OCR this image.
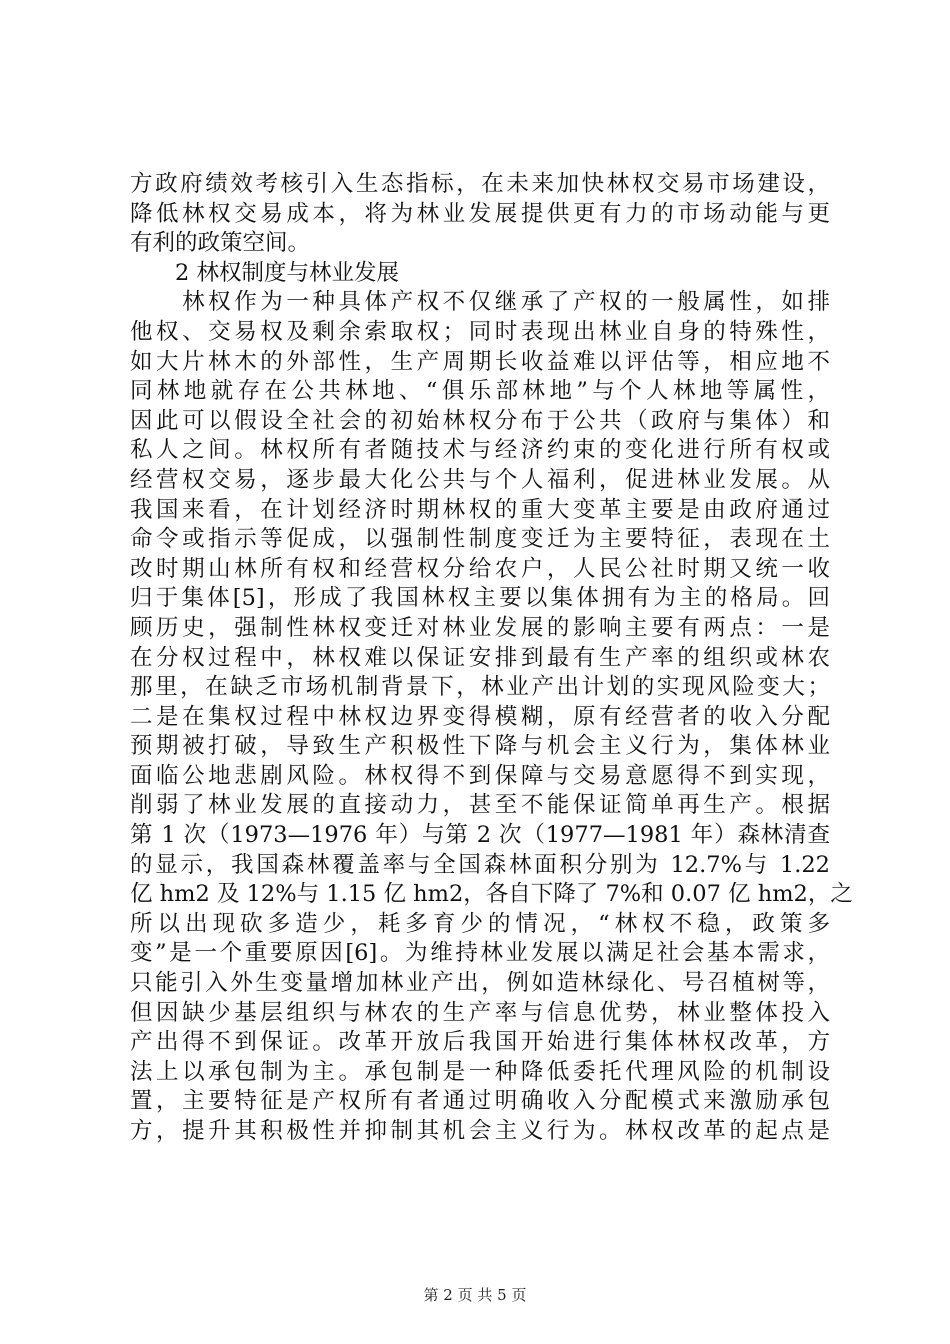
方政府绩效考核引入生态指标，在未来加快林权交易市场建设，
降低林权交易成本，将为林业发展提供更有力的市场动能与更
有利的政策空间。
　　2 林权制度与林业发展
　　林权作为一种具体产权不仅继承了产权的一般属性，如排
他权、交易权及剩余索取权；同时表现出林业自身的特殊性，
如大片林木的外部性，生产周期长收益难以评估等，相应地不
同林地就存在公共林地、“俱乐部林地”与个人林地等属性，
因此可以假设全社会的初始林权分布于公共（政府与集体）和
私人之间。林权所有者随技术与经济约束的变化进行所有权或
经营权交易，逐步最大化公共与个人福利，促进林业发展。从
我国来看，在计划经济时期林权的重大变革主要是由政府通过
命令或指示等促成，以强制性制度变迁为主要特征，表现在土
改时期山林所有权和经营权分给农户，人民公社时期又统一收
归于集体[5]，形成了我国林权主要以集体拥有为主的格局。回
顾历史，强制性林权变迁对林业发展的影响主要有两点：一是
在分权过程中，林权难以保证安排到最有生产率的组织或林农
那里，在缺乏市场机制背景下，林业产出计划的实现风险变大；
二是在集权过程中林权边界变得模糊，原有经营者的收入分配
预期被打破，导致生产积极性下降与机会主义行为，集体林业
面临公地悲剧风险。林权得不到保障与交易意愿得不到实现，
削弱了林业发展的直接动力，甚至不能保证简单再生产。根据
第 1 次（1973—1976 年）与第 2 次（1977—1981 年）森林清查
的显示，我国森林覆盖率与全国森林面积分别为 12.7%与 1.22
亿 hm2 及 12%与 1.15 亿 hm2，各自下降了 7%和 0.07 亿 hm2，之
所以出现砍多造少，耗多育少的情况，“林权不稳，政策多
变”是一个重要原因[6]。为维持林业发展以满足社会基本需求，
只能引入外生变量增加林业产出，例如造林绿化、号召植树等，
但因缺少基层组织与林农的生产率与信息优势，林业整体投入
产出得不到保证。改革开放后我国开始进行集体林权改革，方
法上以承包制为主。承包制是一种降低委托代理风险的机制设
置，主要特征是产权所有者通过明确收入分配模式来激励承包
方，提升其积极性并抑制其机会主义行为。林权改革的起点是
第 2 页 共 5 页
